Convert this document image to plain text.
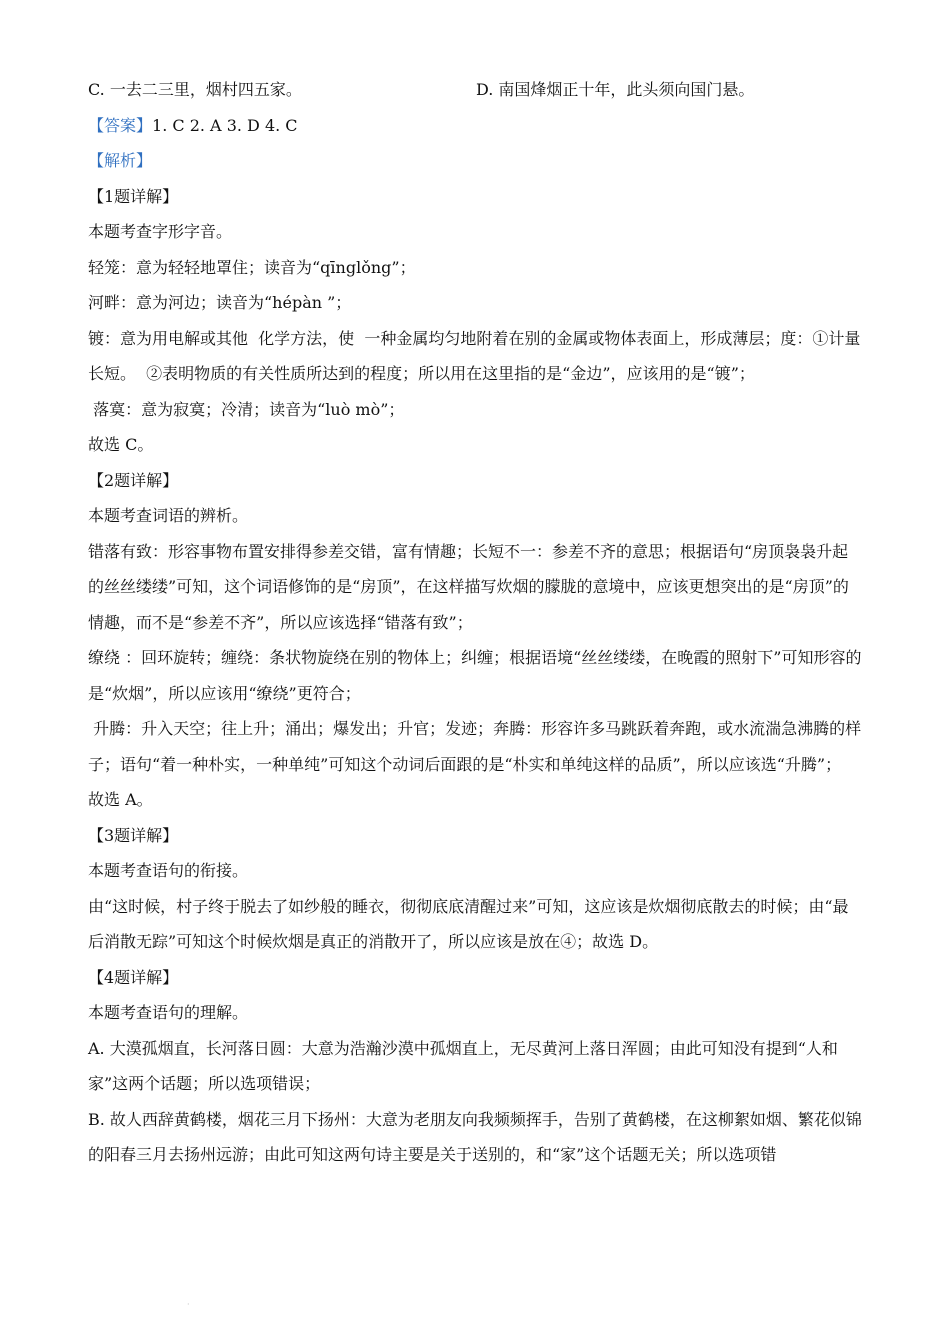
C. 一去二三里，烟村四五家。	D. 南国烽烟正十年，此头须向国门悬。
【答案】1. C 2. A 3. D 4. C
【解析】
【1题详解】
本题考查字形字音。
轻笼：意为轻轻地罩住；读音为“qīnglǒng”；
河畔：意为河边；读音为“hépàn ”；
镀：意为用电解或其他  化学方法，使  一种金属均匀地附着在别的金属或物体表面上，形成薄层；度：①计量长短。  ②表明物质的有关性质所达到的程度；所以用在这里指的是“金边”，应该用的是“镀”；
落寞：意为寂寞；冷清；读音为“luò mò”；
故选 C。
【2题详解】
本题考查词语的辨析。
错落有致：形容事物布置安排得参差交错，富有情趣；长短不一：参差不齐的意思；根据语句“房顶袅袅升起的丝丝缕缕”可知，这个词语修饰的是“房顶”，在这样描写炊烟的朦胧的意境中，应该更想突出的是“房顶”的情趣，而不是“参差不齐”，所以应该选择“错落有致”；
缭绕 ：回环旋转；缠绕：条状物旋绕在别的物体上；纠缠；根据语境“丝丝缕缕，在晚霞的照射下”可知形容的是“炊烟”，所以应该用“缭绕”更符合；
升腾：升入天空；往上升；涌出；爆发出；升官；发迹；奔腾：形容许多马跳跃着奔跑，或水流湍急沸腾的样子；语句“着一种朴实，一种单纯”可知这个动词后面跟的是“朴实和单纯这样的品质”，所以应该选“升腾”；
故选 A。
【3题详解】
本题考查语句的衔接。
由“这时候，村子终于脱去了如纱般的睡衣，彻彻底底清醒过来”可知，这应该是炊烟彻底散去的时候；由“最后消散无踪”可知这个时候炊烟是真正的消散开了，所以应该是放在④；故选 D。
【4题详解】
本题考查语句的理解。
A. 大漠孤烟直，长河落日圆：大意为浩瀚沙漠中孤烟直上，无尽黄河上落日浑圆；由此可知没有提到“人和家”这两个话题；所以选项错误；
B. 故人西辞黄鹤楼，烟花三月下扬州：大意为老朋友向我频频挥手，告别了黄鹤楼，在这柳絮如烟、繁花似锦的阳春三月去扬州远游；由此可知这两句诗主要是关于送别的，和“家”这个话题无关；所以选项错
·
